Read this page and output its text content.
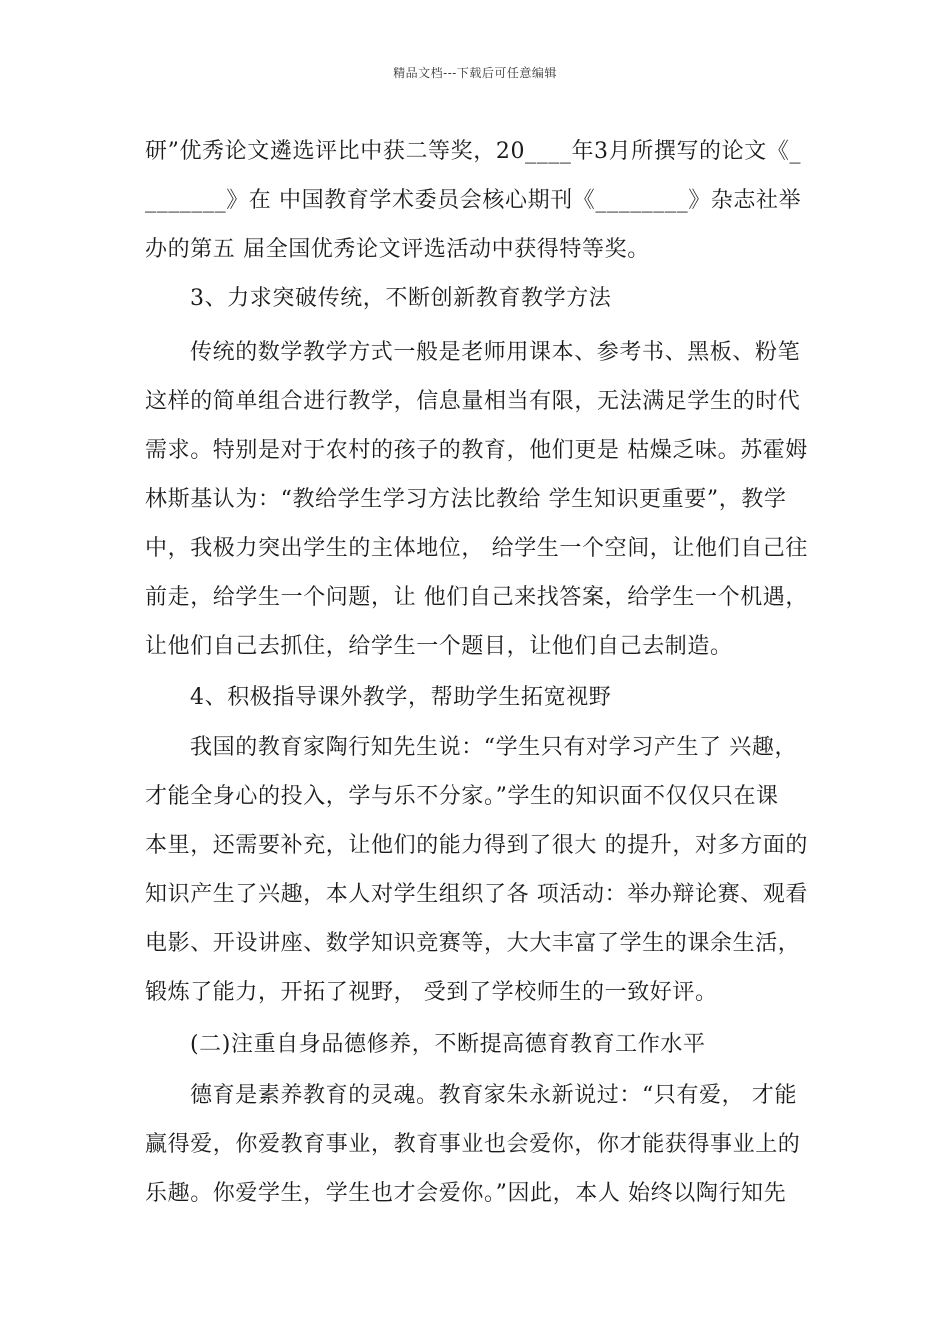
精品文档---下载后可任意编辑
研”优秀论文遴选评比中获二等奖，20____年3月所撰写的论文《_
_______》在 中国教育学术委员会核心期刊《________》杂志社举
办的第五 届全国优秀论文评选活动中获得特等奖。
3、力求突破传统，不断创新教育教学方法
传统的数学教学方式一般是老师用课本、参考书、黑板、粉笔
这样的简单组合进行教学，信息量相当有限，无法满足学生的时代
需求。特别是对于农村的孩子的教育，他们更是 枯燥乏味。苏霍姆
林斯基认为：“教给学生学习方法比教给 学生知识更重要”，教学
中，我极力突出学生的主体地位， 给学生一个空间，让他们自己往
前走，给学生一个问题，让 他们自己来找答案，给学生一个机遇，
让他们自己去抓住，给学生一个题目，让他们自己去制造。
4、积极指导课外教学，帮助学生拓宽视野
我国的教育家陶行知先生说：“学生只有对学习产生了 兴趣，
才能全身心的投入，学与乐不分家。”学生的知识面不仅仅只在课
本里，还需要补充，让他们的能力得到了很大 的提升，对多方面的
知识产生了兴趣，本人对学生组织了各 项活动：举办辩论赛、观看
电影、开设讲座、数学知识竞赛等，大大丰富了学生的课余生活，
锻炼了能力，开拓了视野， 受到了学校师生的一致好评。
(二)注重自身品德修养，不断提高德育教育工作水平
德育是素养教育的灵魂。教育家朱永新说过：“只有爱， 才能
赢得爱，你爱教育事业，教育事业也会爱你，你才能获得事业上的
乐趣。你爱学生，学生也才会爱你。”因此，本人 始终以陶行知先
